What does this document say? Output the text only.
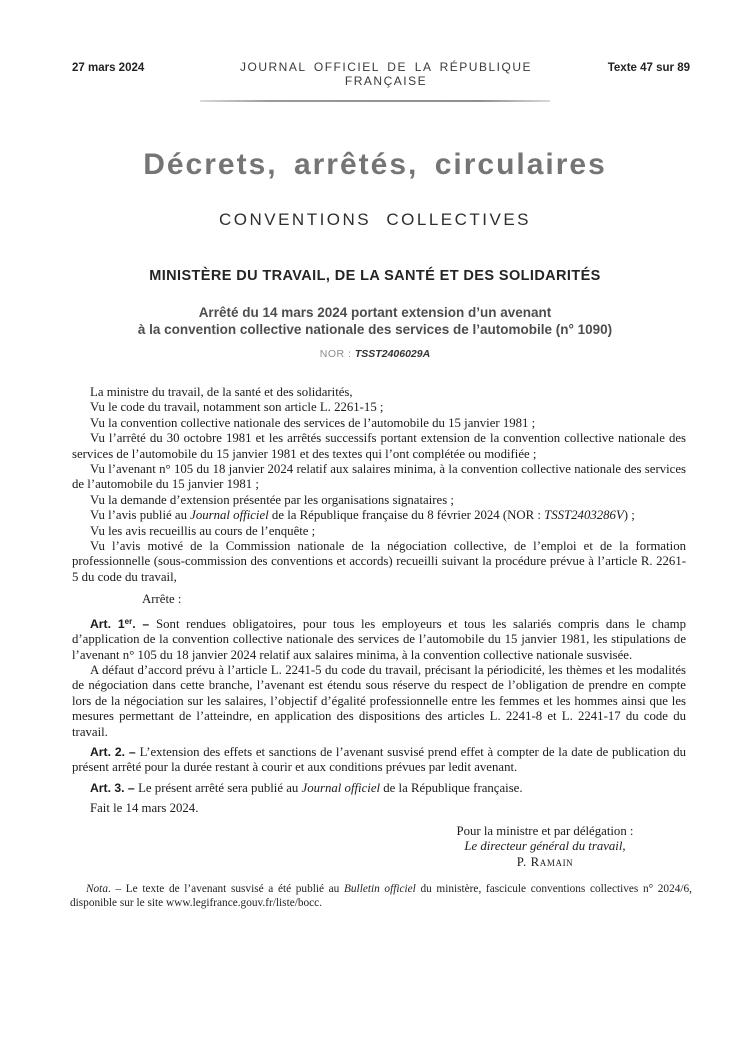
27 mars 2024	JOURNAL OFFICIEL DE LA RÉPUBLIQUE FRANÇAISE
Texte 47 sur 89
Décrets, arrêtés, circulaires
CONVENTIONS COLLECTIVES
MINISTÈRE DU TRAVAIL, DE LA SANTÉ ET DES SOLIDARITÉS
Arrêté du 14 mars 2024 portant extension d’un avenant
à la convention collective nationale des services de l’automobile (n° 1090)
NOR : TSST2406029A

La ministre du travail, de la santé et des solidarités,

Vu le code du travail, notamment son article L. 2261-15 ;

Vu la convention collective nationale des services de l’automobile du 15 janvier 1981 ;

Vu l’arrêté du 30 octobre 1981 et les arrêtés successifs portant extension de la convention collective nationale des services de l’automobile du 15 janvier 1981 et des textes qui l’ont complétée ou modifiée ;

Vu l’avenant n° 105 du 18 janvier 2024 relatif aux salaires minima, à la convention collective nationale des services de l’automobile du 15 janvier 1981 ;

Vu la demande d’extension présentée par les organisations signataires ;

Vu l’avis publié au Journal officiel de la République française du 8 février 2024 (NOR : TSST2403286V) ;

Vu les avis recueillis au cours de l’enquête ;

Vu l’avis motivé de la Commission nationale de la négociation collective, de l’emploi et de la formation professionnelle (sous-commission des conventions et accords) recueilli suivant la procédure prévue à l’article R. 2261-5 du code du travail,

Arrête :

Art. 1er. – Sont rendues obligatoires, pour tous les employeurs et tous les salariés compris dans le champ d’application de la convention collective nationale des services de l’automobile du 15 janvier 1981, les stipulations de l’avenant n° 105 du 18 janvier 2024 relatif aux salaires minima, à la convention collective nationale susvisée.

A défaut d’accord prévu à l’article L. 2241-5 du code du travail, précisant la périodicité, les thèmes et les modalités de négociation dans cette branche, l’avenant est étendu sous réserve du respect de l’obligation de prendre en compte lors de la négociation sur les salaires, l’objectif d’égalité professionnelle entre les femmes et les hommes ainsi que les mesures permettant de l’atteindre, en application des dispositions des articles L. 2241-8 et L. 2241-17 du code du travail.

Art. 2. – L’extension des effets et sanctions de l’avenant susvisé prend effet à compter de la date de publication du présent arrêté pour la durée restant à courir et aux conditions prévues par ledit avenant.

Art. 3. – Le présent arrêté sera publié au Journal officiel de la République française.

Fait le 14 mars 2024.

Pour la ministre et par délégation :
Le directeur général du travail,
P. Ramain

Nota. – Le texte de l’avenant susvisé a été publié au Bulletin officiel du ministère, fascicule conventions collectives n° 2024/6, disponible sur le site www.legifrance.gouv.fr/liste/bocc.
